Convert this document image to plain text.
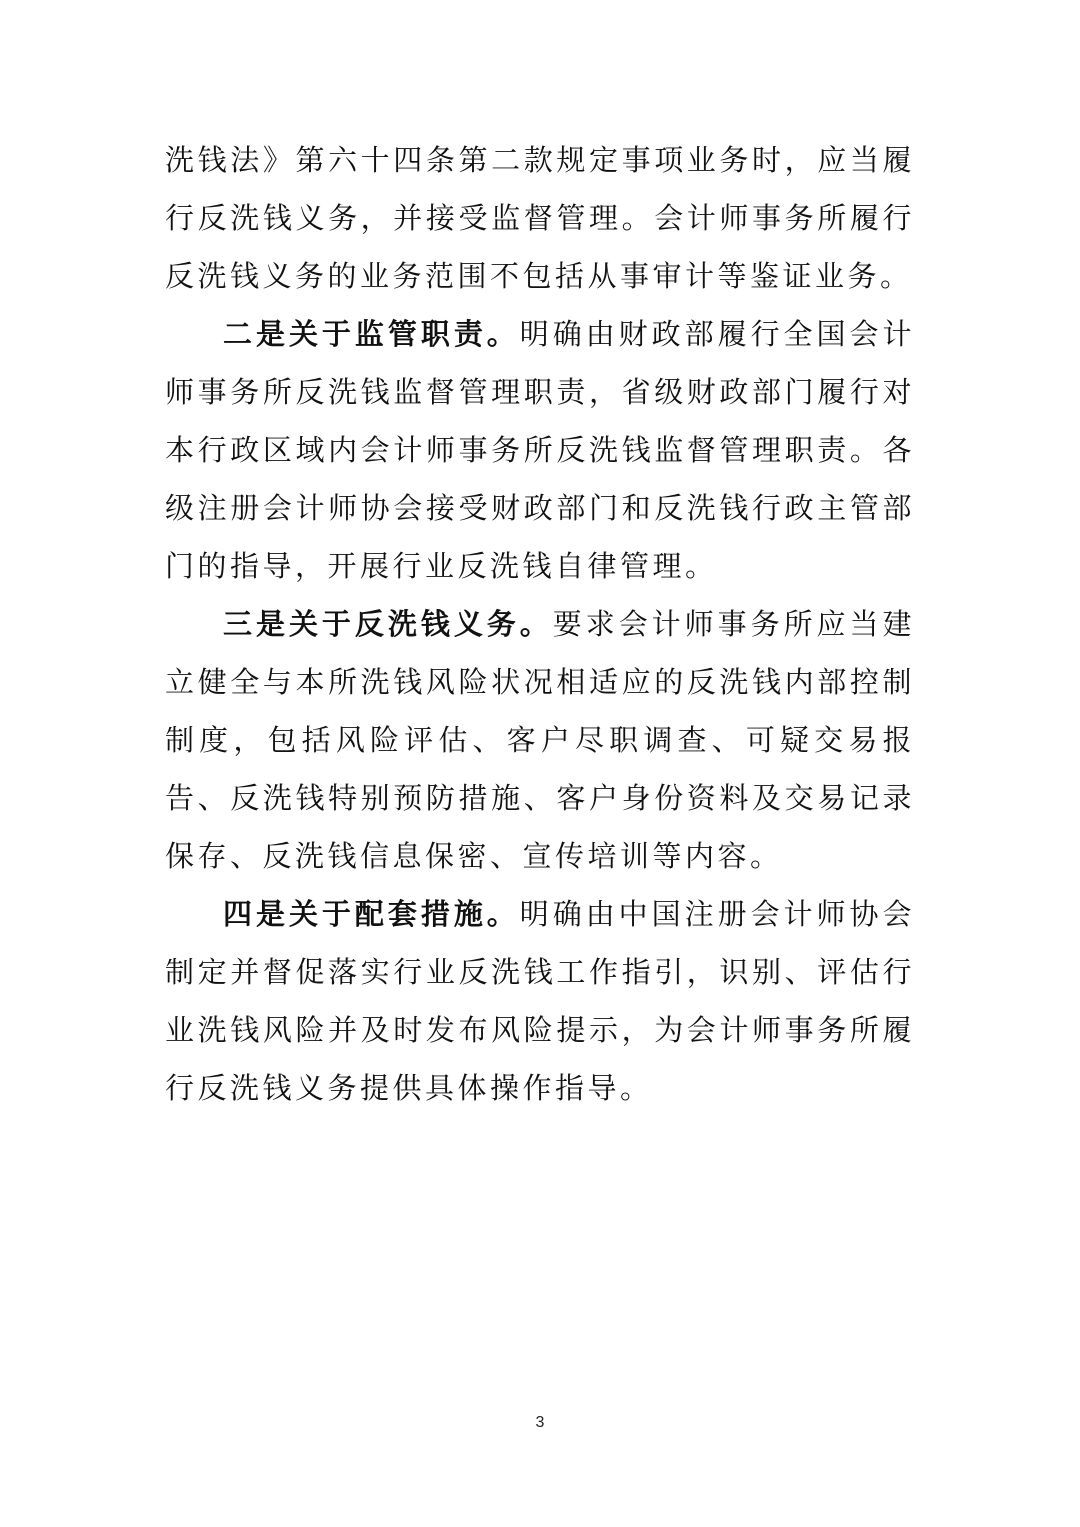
洗钱法》第六十四条第二款规定事项业务时，应当履行反洗钱义务，并接受监督管理。会计师事务所履行反洗钱义务的业务范围不包括从事审计等鉴证业务。

二是关于监管职责。明确由财政部履行全国会计师事务所反洗钱监督管理职责，省级财政部门履行对本行政区域内会计师事务所反洗钱监督管理职责。各级注册会计师协会接受财政部门和反洗钱行政主管部门的指导，开展行业反洗钱自律管理。

三是关于反洗钱义务。要求会计师事务所应当建立健全与本所洗钱风险状况相适应的反洗钱内部控制制度，包括风险评估、客户尽职调查、可疑交易报告、反洗钱特别预防措施、客户身份资料及交易记录保存、反洗钱信息保密、宣传培训等内容。

四是关于配套措施。明确由中国注册会计师协会制定并督促落实行业反洗钱工作指引，识别、评估行业洗钱风险并及时发布风险提示，为会计师事务所履行反洗钱义务提供具体操作指导。

3
